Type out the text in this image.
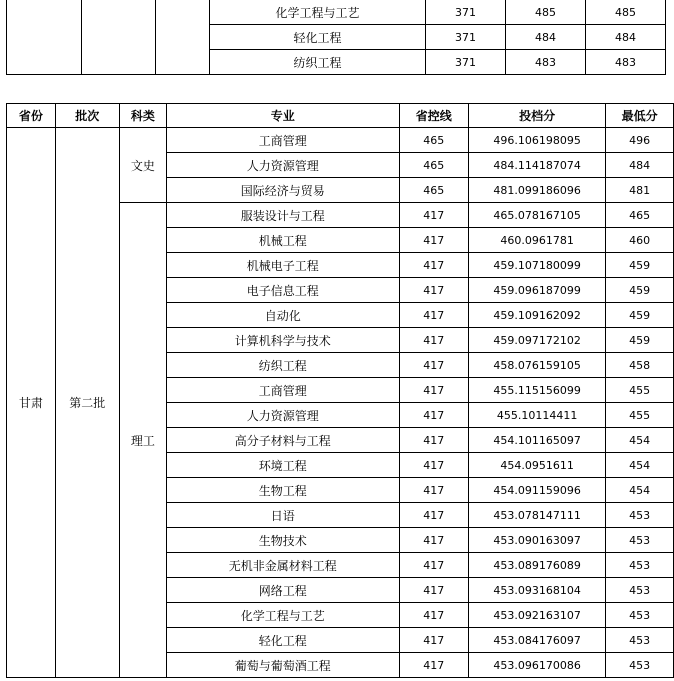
			化学工程与工艺	371	485	485
			轻化工程	371	484	484
			纺织工程	371	483	483
省份	批次	科类	专业	省控线	投档分	最低分
甘肃	第二批	文史	工商管理	465	496.106198095	496
			人力资源管理	465	484.114187074	484
			国际经济与贸易	465	481.099186096	481
		理工	服装设计与工程	417	465.078167105	465
			机械工程	417	460.0961781	460
			机械电子工程	417	459.107180099	459
			电子信息工程	417	459.096187099	459
			自动化	417	459.109162092	459
			计算机科学与技术	417	459.097172102	459
			纺织工程	417	458.076159105	458
			工商管理	417	455.115156099	455
			人力资源管理	417	455.10114411	455
			高分子材料与工程	417	454.101165097	454
			环境工程	417	454.0951611	454
			生物工程	417	454.091159096	454
			日语	417	453.078147111	453
			生物技术	417	453.090163097	453
			无机非金属材料工程	417	453.089176089	453
			网络工程	417	453.093168104	453
			化学工程与工艺	417	453.092163107	453
			轻化工程	417	453.084176097	453
			葡萄与葡萄酒工程	417	453.096170086	453
